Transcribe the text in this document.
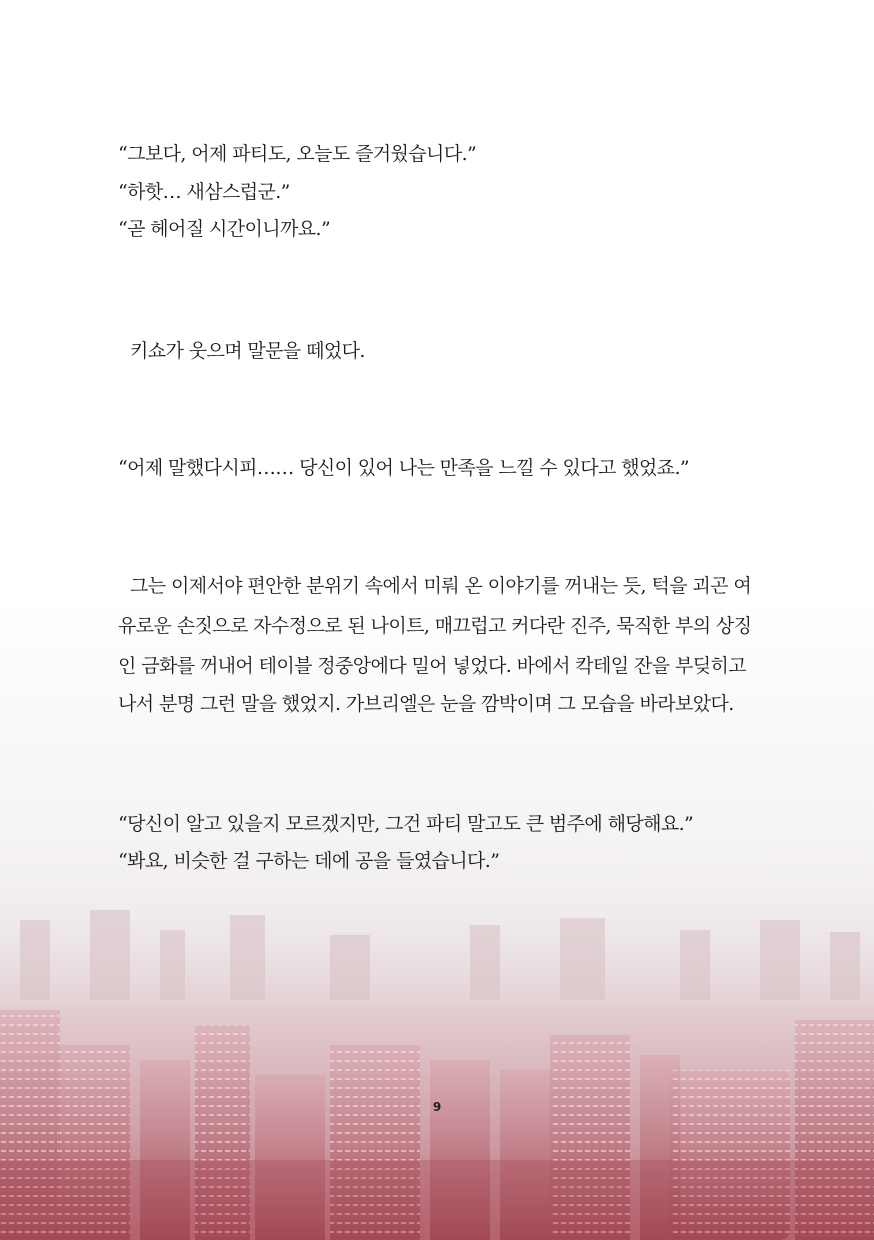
“그보다, 어제 파티도, 오늘도 즐거웠습니다.”
“하핫… 새삼스럽군.”
“곧 헤어질 시간이니까요.”
키쇼가 웃으며 말문을 떼었다.
“어제 말했다시피…… 당신이 있어 나는 만족을 느낄 수 있다고 했었죠.”
그는 이제서야 편안한 분위기 속에서 미뤄 온 이야기를 꺼내는 듯, 턱을 괴곤 여
유로운 손짓으로 자수정으로 된 나이트, 매끄럽고 커다란 진주, 묵직한 부의 상징
인 금화를 꺼내어 테이블 정중앙에다 밀어 넣었다. 바에서 칵테일 잔을 부딪히고
나서 분명 그런 말을 했었지. 가브리엘은 눈을 깜박이며 그 모습을 바라보았다.
“당신이 알고 있을지 모르겠지만, 그건 파티 말고도 큰 범주에 해당해요.”
“봐요, 비슷한 걸 구하는 데에 공을 들였습니다.”
9
